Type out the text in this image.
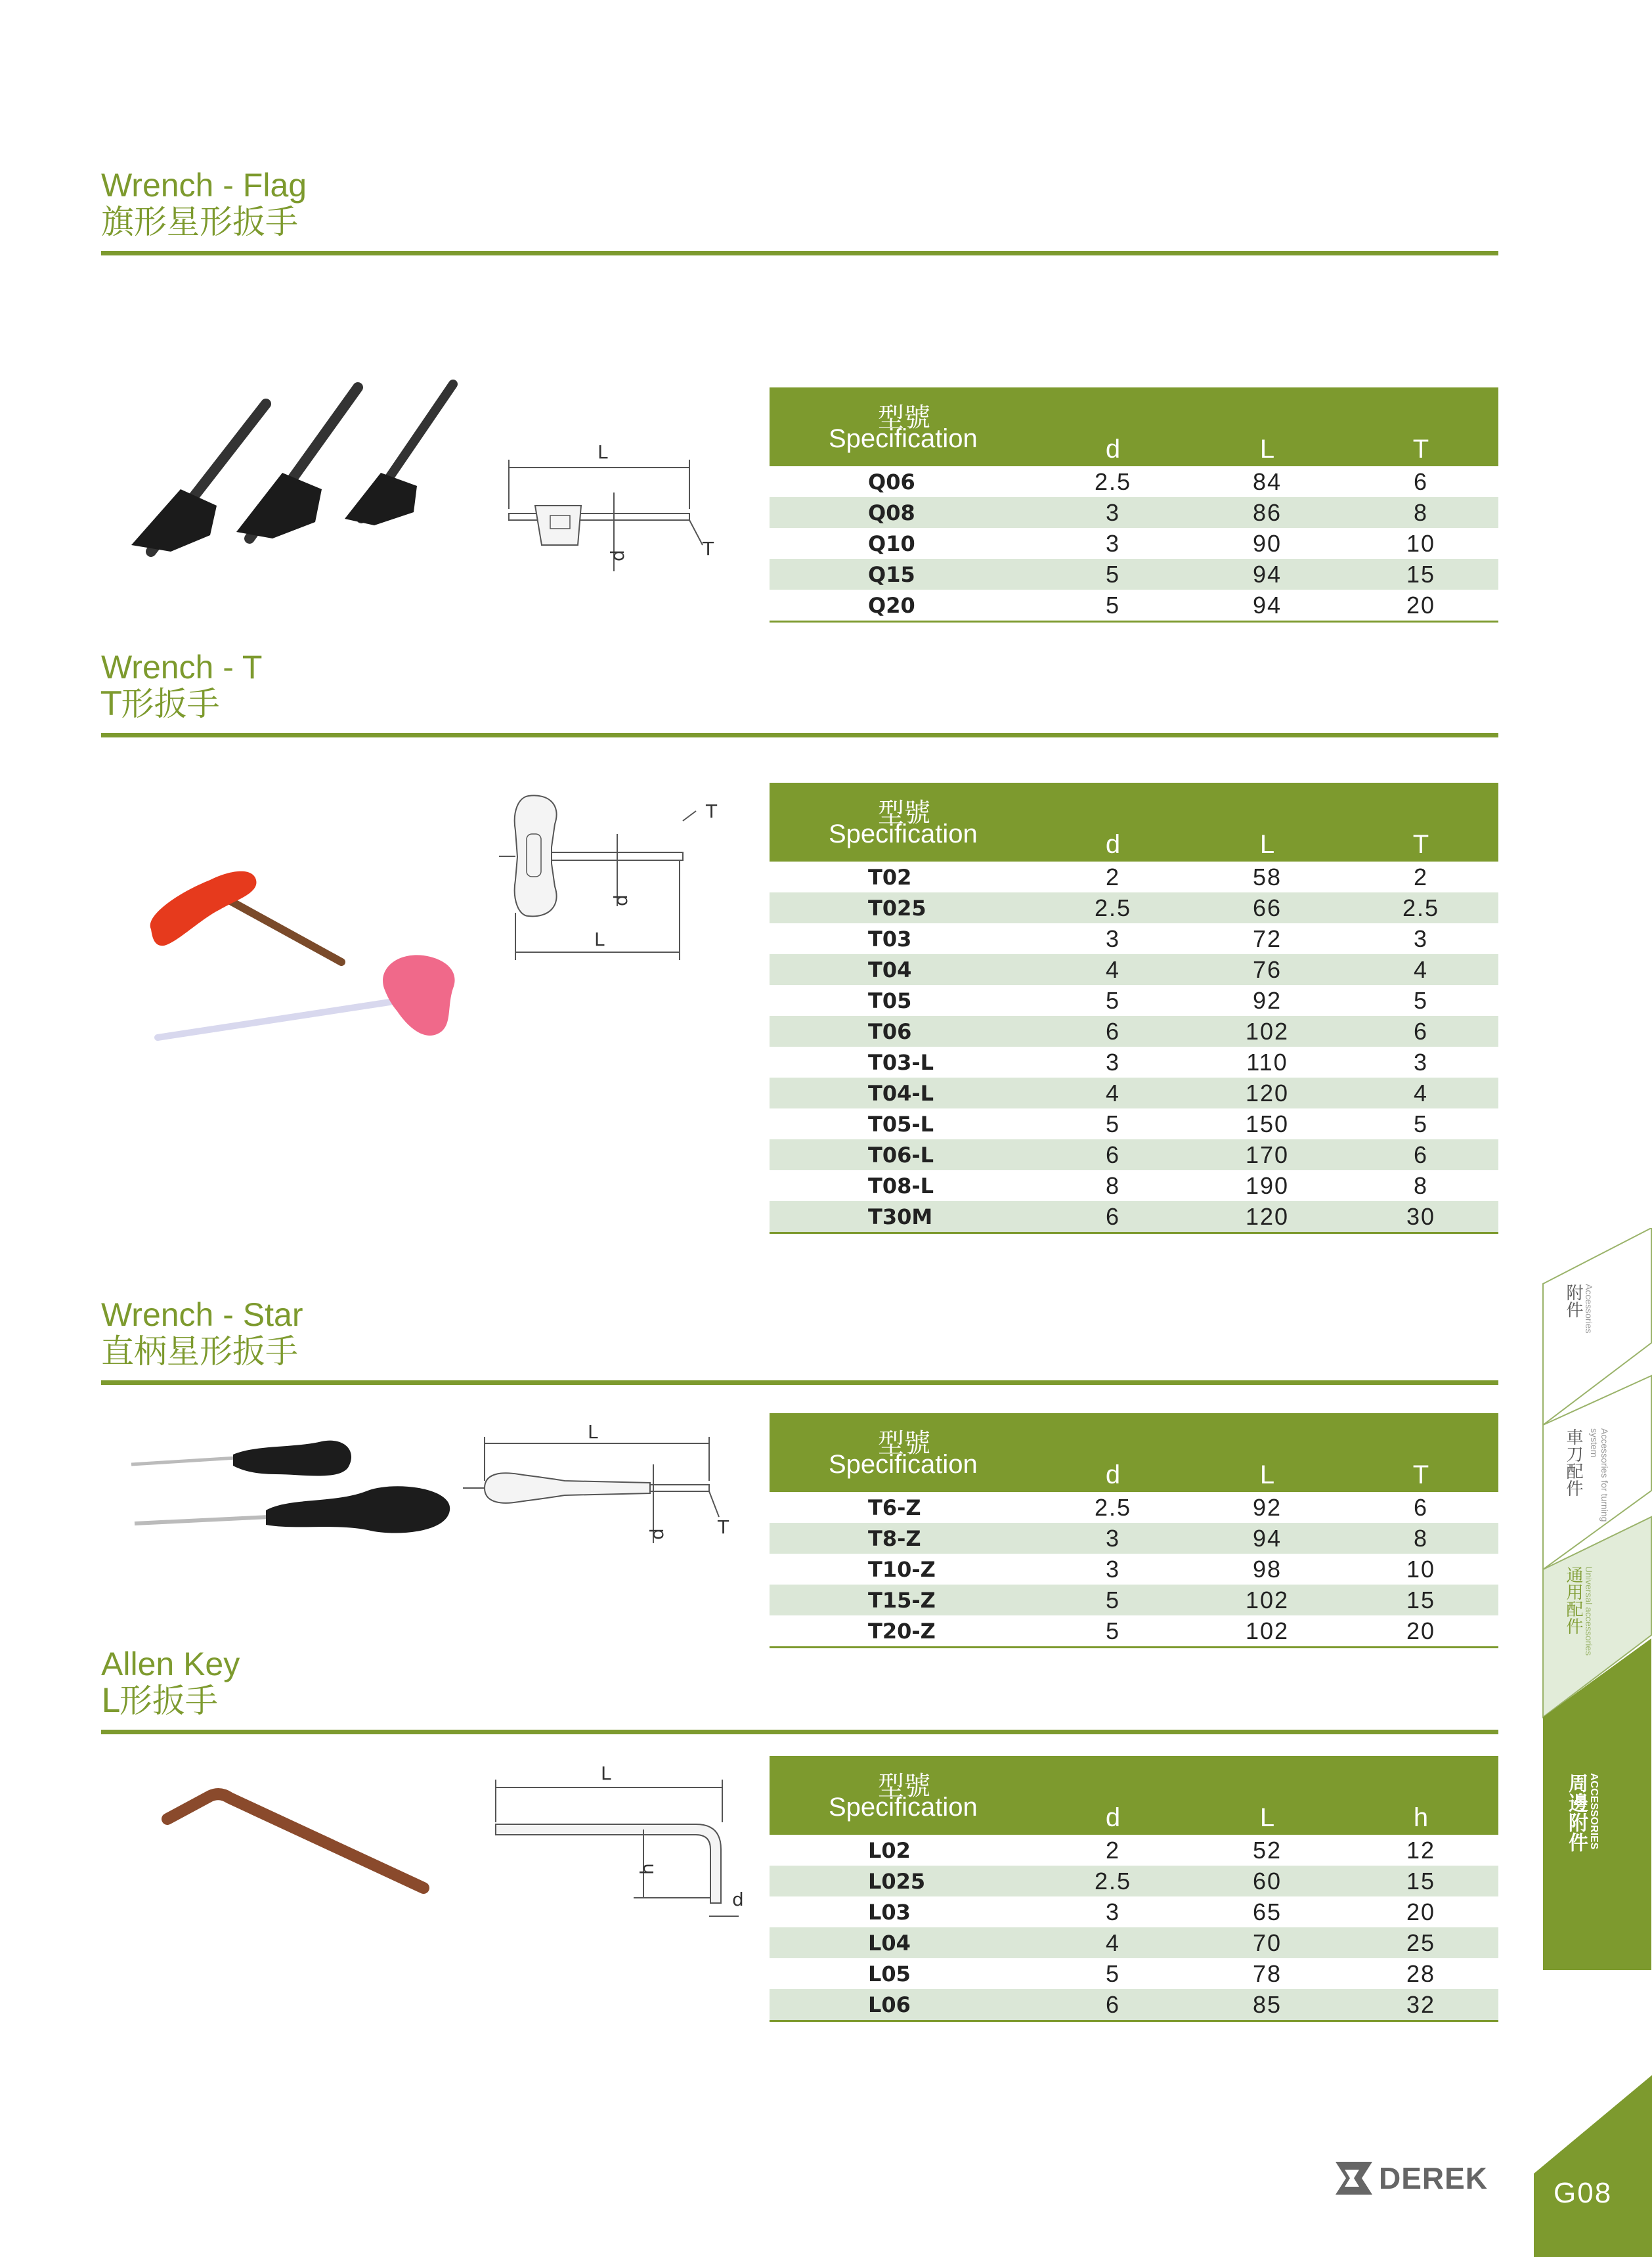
Wrench - Flag
旗形星形扳手
L
d	T
型號
Specification	d	L	T
Q06	2.5	84	6
Q08	3	86	8
Q10	3	90	10
Q15	5	94	15
Q20	5	94	20
Wrench - T
T形扳手
T
d
L
型號
Specification	d	L	T
T02	2	58	2
T025	2.5	66	2.5
T03	3	72	3
T04	4	76	4
T05	5	92	5
T06	6	102	6
T03-L	3	110	3
T04-L	4	120	4
T05-L	5	150	5
T06-L	6	170	6
T08-L	8	190	8
T30M	6	120	30
Wrench - Star
直柄星形扳手
L
d	T
型號
Specification	d	L	T
T6-Z	2.5	92	6
T8-Z	3	94	8
T10-Z	3	98	10
T15-Z	5	102	15
T20-Z	5	102	20
Allen Key
L形扳手
L
h
d
型號
Specification	d	L	h
L02	2	52	12
L025	2.5	60	15
L03	3	65	20
L04	4	70	25
L05	5	78	28
L06	6	85	32
附件 Accessories
車刀配件	Accessories for turning system
通用配件 Universal accessories
周邊附件 ACCESSORIES
DEREK G08
